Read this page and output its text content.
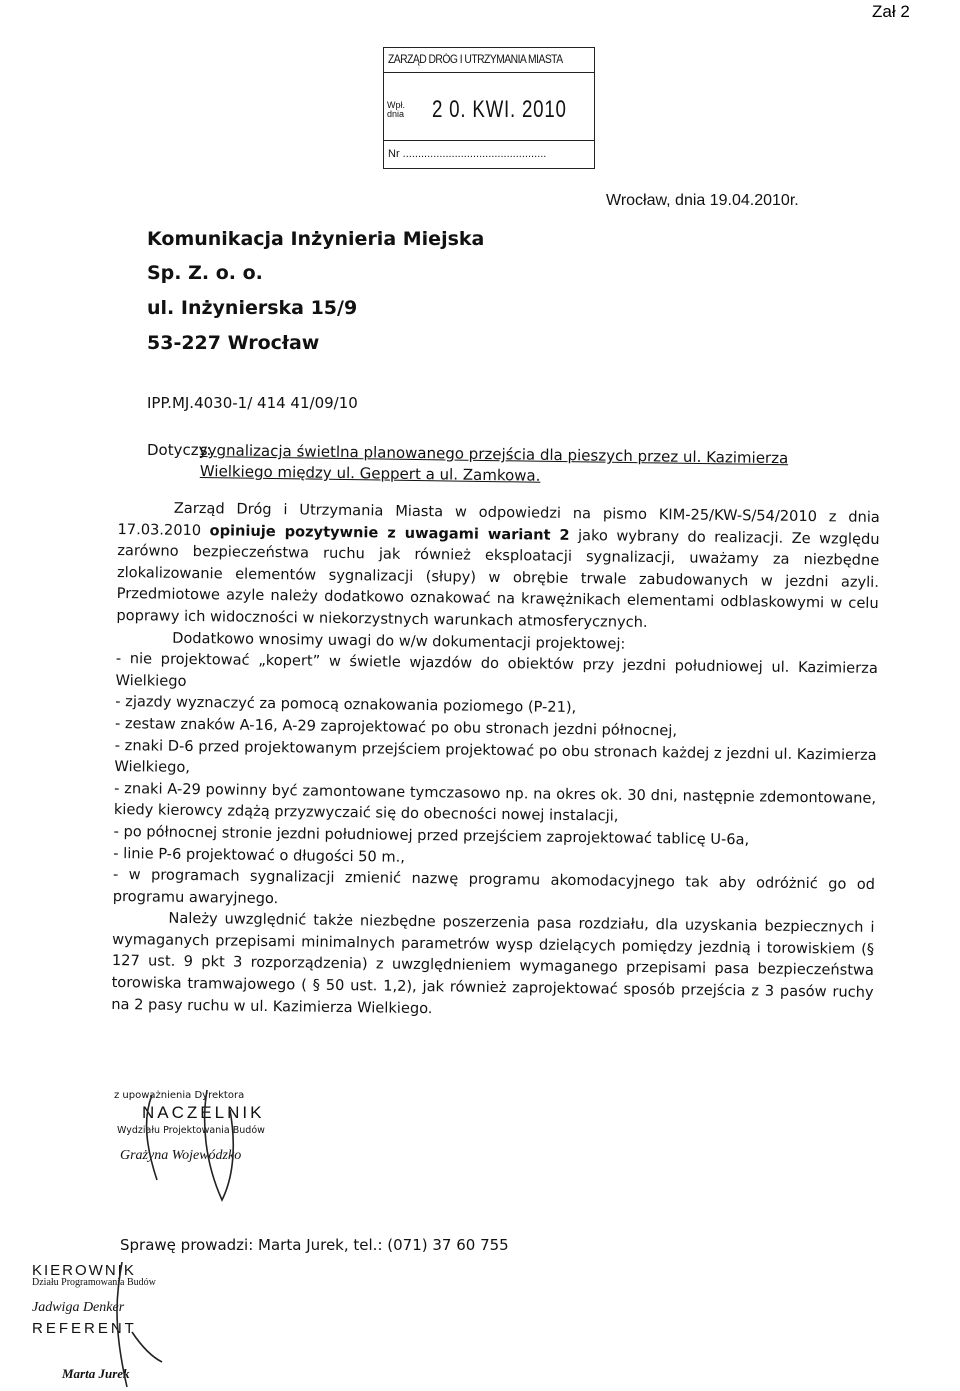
Zał 2
ZARZĄD DRÓG I UTRZYMANIA MIASTA
Wpł. dnia	2 0. KWI. 2010
Nr ...............................................
Wrocław, dnia 19.04.2010r.
Komunikacja Inżynieria Miejska
Sp. Z. o. o.
ul. Inżynierska 15/9
53-227 Wrocław
IPP.MJ.4030-1/ 414 41/09/10
Dotyczy:
sygnalizacja świetlna planowanego przejścia dla pieszych przez ul. Kazimierza
Wielkiego między ul. Geppert a ul. Zamkowa.

Zarząd Dróg i Utrzymania Miasta w odpowiedzi na pismo KIM-25/KW-S/54/2010 z dnia 17.03.2010 opiniuje pozytywnie z uwagami wariant 2 jako wybrany do realizacji. Ze względu zarówno bezpieczeństwa ruchu jak również eksploatacji sygnalizacji, uważamy za niezbędne zlokalizowanie elementów sygnalizacji (słupy) w obrębie trwale zabudowanych w jezdni azyli. Przedmiotowe azyle należy dodatkowo oznakować na krawężnikach elementami odblaskowymi w celu poprawy ich widoczności w niekorzystnych warunkach atmosferycznych.

Dodatkowo wnosimy uwagi do w/w dokumentacji projektowej:

- nie projektować „kopert” w świetle wjazdów do obiektów przy jezdni południowej ul. Kazimierza Wielkiego

- zjazdy wyznaczyć za pomocą oznakowania poziomego (P-21),

- zestaw znaków A-16, A-29 zaprojektować po obu stronach jezdni północnej,

- znaki D-6 przed projektowanym przejściem projektować po obu stronach każdej z jezdni ul. Kazimierza Wielkiego,

- znaki A-29 powinny być zamontowane tymczasowo np. na okres ok. 30 dni, następnie zdemontowane, kiedy kierowcy zdążą przyzwyczaić się do obecności nowej instalacji,

- po północnej stronie jezdni południowej przed przejściem zaprojektować tablicę U-6a,

- linie P-6 projektować o długości 50 m.,

- w programach sygnalizacji zmienić nazwę programu akomodacyjnego tak aby odróżnić go od programu awaryjnego.

Należy uwzględnić także niezbędne poszerzenia pasa rozdziału, dla uzyskania bezpiecznych i wymaganych przepisami minimalnych parametrów wysp dzielących pomiędzy jezdnią i torowiskiem (§ 127 ust. 9 pkt 3 rozporządzenia) z uwzględnieniem wymaganego przepisami pasa bezpieczeństwa torowiska tramwajowego ( § 50 ust. 1,2), jak również zaprojektować sposób przejścia z 3 pasów ruchy na 2 pasy ruchu w ul. Kazimierza Wielkiego.

z upoważnienia Dyrektora
NACZELNIK
Wydziału Projektowania Budów
Grażyna Wojewódzko
Sprawę prowadzi: Marta Jurek, tel.: (071) 37 60 755
KIEROWNIK
Działu Programowania Budów
Jadwiga Denker
REFERENT
Marta Jurek
